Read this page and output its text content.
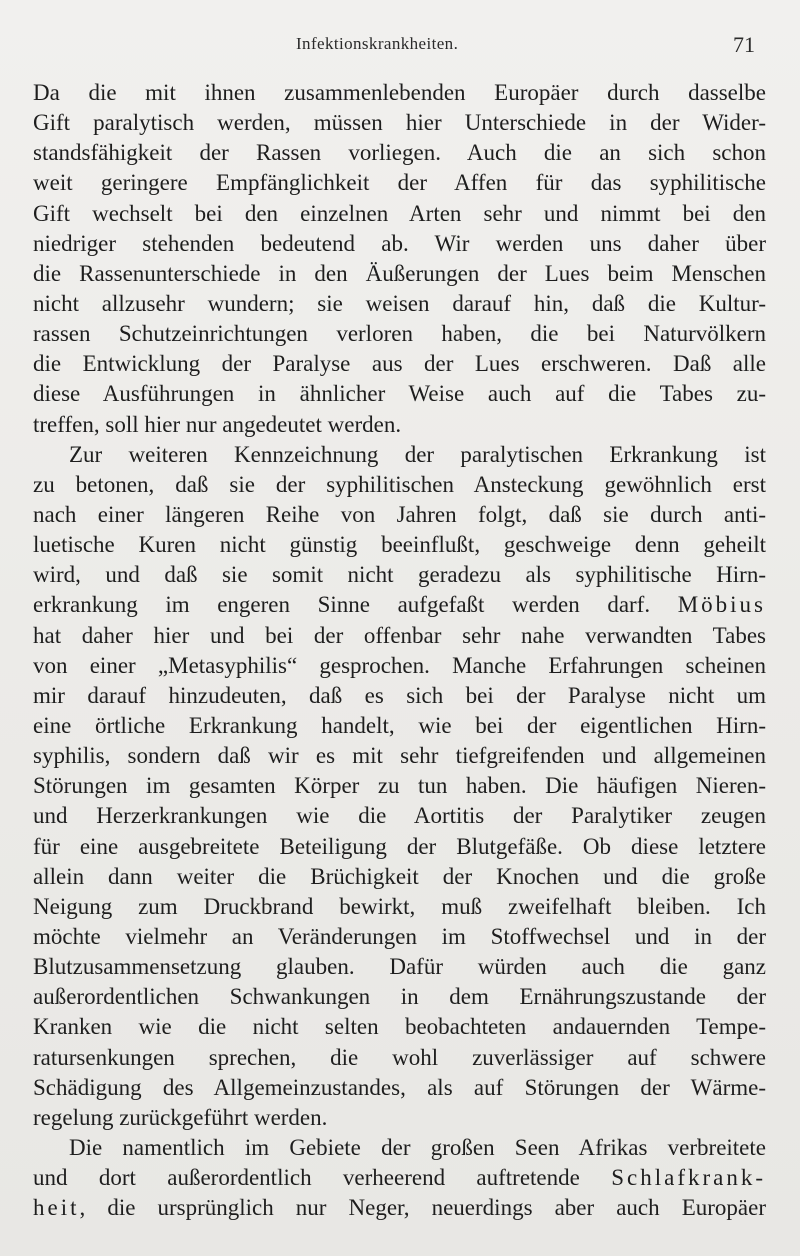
Infektionskrankheiten.	71
Da die mit ihnen zusammenlebenden Europäer durch dasselbe
Gift paralytisch werden, müssen hier Unterschiede in der Wider-
standsfähigkeit der Rassen vorliegen. Auch die an sich schon
weit geringere Empfänglichkeit der Affen für das syphilitische
Gift wechselt bei den einzelnen Arten sehr und nimmt bei den
niedriger stehenden bedeutend ab. Wir werden uns daher über
die Rassenunterschiede in den Äußerungen der Lues beim Menschen
nicht allzusehr wundern; sie weisen darauf hin, daß die Kultur-
rassen Schutzeinrichtungen verloren haben, die bei Naturvölkern
die Entwicklung der Paralyse aus der Lues erschweren. Daß alle
diese Ausführungen in ähnlicher Weise auch auf die Tabes zu-
treffen, soll hier nur angedeutet werden.
Zur weiteren Kennzeichnung der paralytischen Erkrankung ist
zu betonen, daß sie der syphilitischen Ansteckung gewöhnlich erst
nach einer längeren Reihe von Jahren folgt, daß sie durch anti-
luetische Kuren nicht günstig beeinflußt, geschweige denn geheilt
wird, und daß sie somit nicht geradezu als syphilitische Hirn-
erkrankung im engeren Sinne aufgefaßt werden darf. Möbius
hat daher hier und bei der offenbar sehr nahe verwandten Tabes
von einer „Metasyphilis“ gesprochen. Manche Erfahrungen scheinen
mir darauf hinzudeuten, daß es sich bei der Paralyse nicht um
eine örtliche Erkrankung handelt, wie bei der eigentlichen Hirn-
syphilis, sondern daß wir es mit sehr tiefgreifenden und allgemeinen
Störungen im gesamten Körper zu tun haben. Die häufigen Nieren-
und Herzerkrankungen wie die Aortitis der Paralytiker zeugen
für eine ausgebreitete Beteiligung der Blutgefäße. Ob diese letztere
allein dann weiter die Brüchigkeit der Knochen und die große
Neigung zum Druckbrand bewirkt, muß zweifelhaft bleiben. Ich
möchte vielmehr an Veränderungen im Stoffwechsel und in der
Blutzusammensetzung glauben. Dafür würden auch die ganz
außerordentlichen Schwankungen in dem Ernährungszustande der
Kranken wie die nicht selten beobachteten andauernden Tempe-
ratursenkungen sprechen, die wohl zuverlässiger auf schwere
Schädigung des Allgemeinzustandes, als auf Störungen der Wärme-
regelung zurückgeführt werden.
Die namentlich im Gebiete der großen Seen Afrikas verbreitete
und dort außerordentlich verheerend auftretende Schlafkrank-
heit, die ursprünglich nur Neger, neuerdings aber auch Europäer
